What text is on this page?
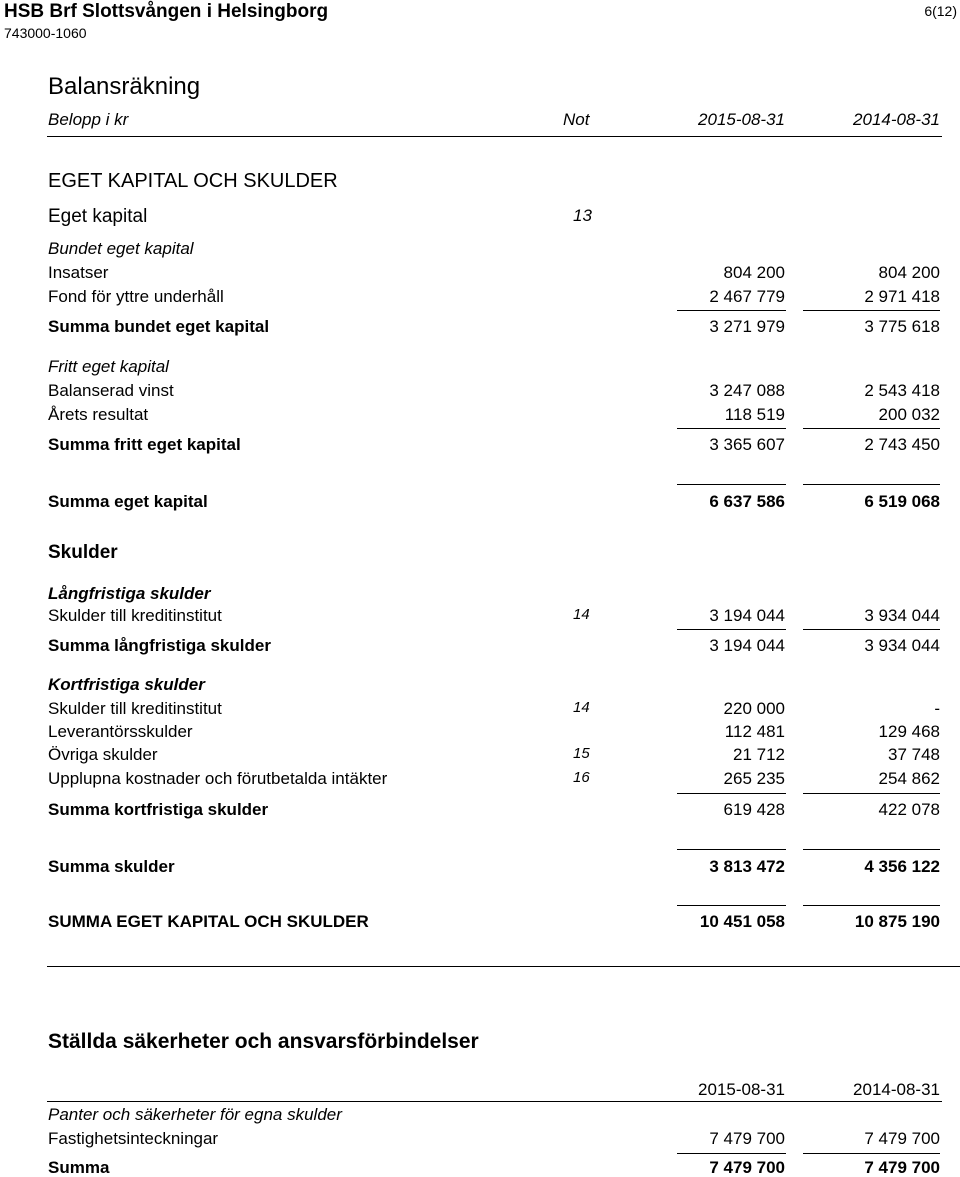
HSB Brf Slottsvången i Helsingborg
743000-1060
6(12)
Balansräkning
Belopp i kr	Not	2015-08-31	2014-08-31
EGET KAPITAL OCH SKULDER
Eget kapital	13
Bundet eget kapital
Insatser	804 200	804 200
Fond för yttre underhåll	2 467 779	2 971 418
Summa bundet eget kapital	3 271 979	3 775 618
Fritt eget kapital
Balanserad vinst	3 247 088	2 543 418
Årets resultat	118 519	200 032
Summa fritt eget kapital	3 365 607	2 743 450
Summa eget kapital	6 637 586	6 519 068
Skulder
Långfristiga skulder
Skulder till kreditinstitut	14	3 194 044	3 934 044
Summa långfristiga skulder	3 194 044	3 934 044
Kortfristiga skulder
Skulder till kreditinstitut	14	220 000	-
Leverantörsskulder	112 481	129 468
Övriga skulder	15	21 712	37 748
Upplupna kostnader och förutbetalda intäkter	16	265 235	254 862
Summa kortfristiga skulder	619 428	422 078
Summa skulder	3 813 472	4 356 122
SUMMA EGET KAPITAL OCH SKULDER	10 451 058	10 875 190
Ställda säkerheter och ansvarsförbindelser
2015-08-31	2014-08-31
Panter och säkerheter för egna skulder
Fastighetsinteckningar	7 479 700	7 479 700
Summa	7 479 700	7 479 700
